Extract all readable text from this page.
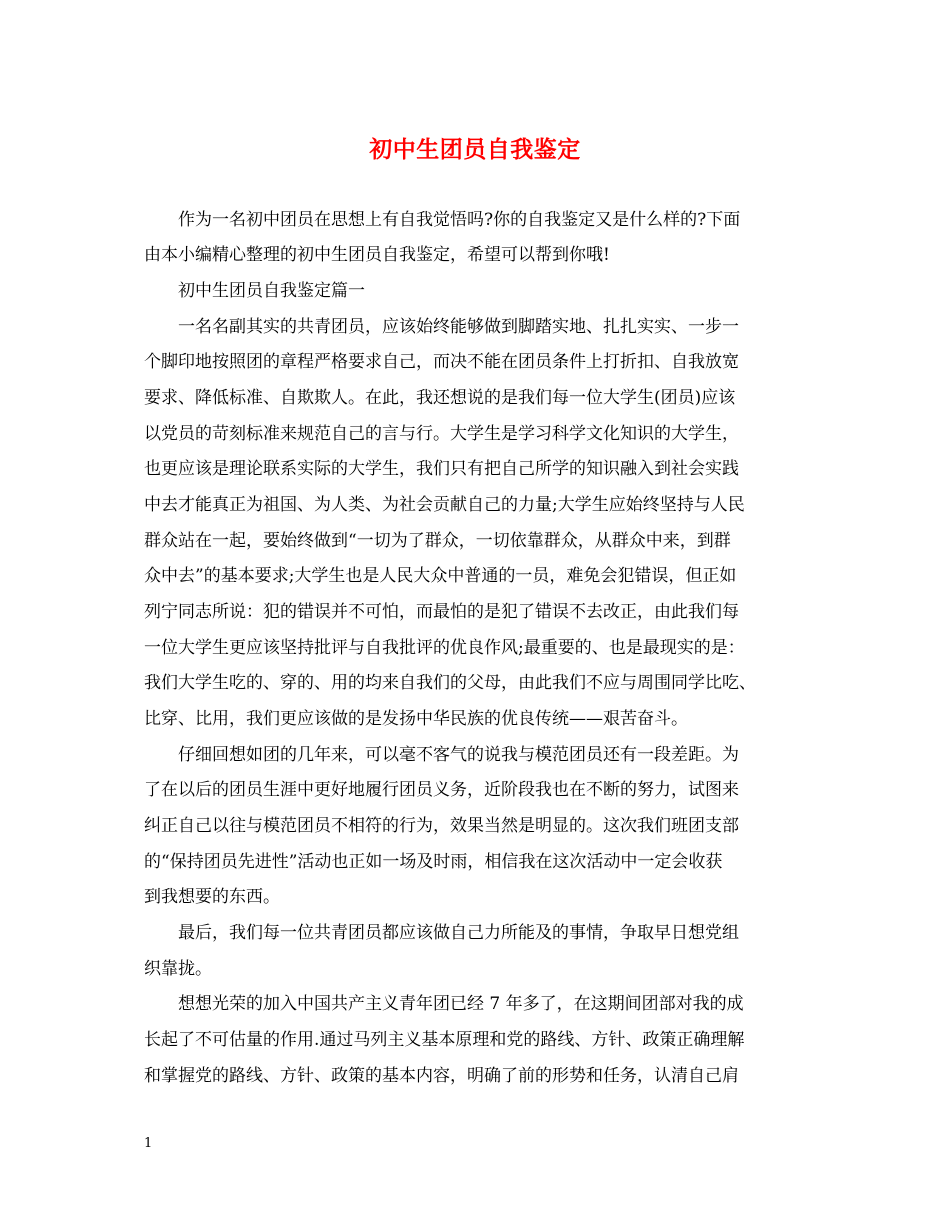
初中生团员自我鉴定

作为一名初中团员在思想上有自我觉悟吗?你的自我鉴定又是什么样的?下面

由本小编精心整理的初中生团员自我鉴定，希望可以帮到你哦!

初中生团员自我鉴定篇一

一名名副其实的共青团员，应该始终能够做到脚踏实地、扎扎实实、一步一

个脚印地按照团的章程严格要求自己，而决不能在团员条件上打折扣、自我放宽

要求、降低标准、自欺欺人。在此，我还想说的是我们每一位大学生(团员)应该

以党员的苛刻标准来规范自己的言与行。大学生是学习科学文化知识的大学生，

也更应该是理论联系实际的大学生，我们只有把自己所学的知识融入到社会实践

中去才能真正为祖国、为人类、为社会贡献自己的力量;大学生应始终坚持与人民

群众站在一起，要始终做到“一切为了群众，一切依靠群众，从群众中来，到群

众中去”的基本要求;大学生也是人民大众中普通的一员，难免会犯错误，但正如

列宁同志所说：犯的错误并不可怕，而最怕的是犯了错误不去改正，由此我们每

一位大学生更应该坚持批评与自我批评的优良作风;最重要的、也是最现实的是：

我们大学生吃的、穿的、用的均来自我们的父母，由此我们不应与周围同学比吃、

比穿、比用，我们更应该做的是发扬中华民族的优良传统——艰苦奋斗。

仔细回想如团的几年来，可以毫不客气的说我与模范团员还有一段差距。为

了在以后的团员生涯中更好地履行团员义务，近阶段我也在不断的努力，试图来

纠正自己以往与模范团员不相符的行为，效果当然是明显的。这次我们班团支部

的“保持团员先进性”活动也正如一场及时雨，相信我在这次活动中一定会收获

到我想要的东西。

最后，我们每一位共青团员都应该做自己力所能及的事情，争取早日想党组

织靠拢。

想想光荣的加入中国共产主义青年团已经 7 年多了，在这期间团部对我的成

长起了不可估量的作用.通过马列主义基本原理和党的路线、方针、政策正确理解

和掌握党的路线、方针、政策的基本内容，明确了前的形势和任务，认清自己肩

1
